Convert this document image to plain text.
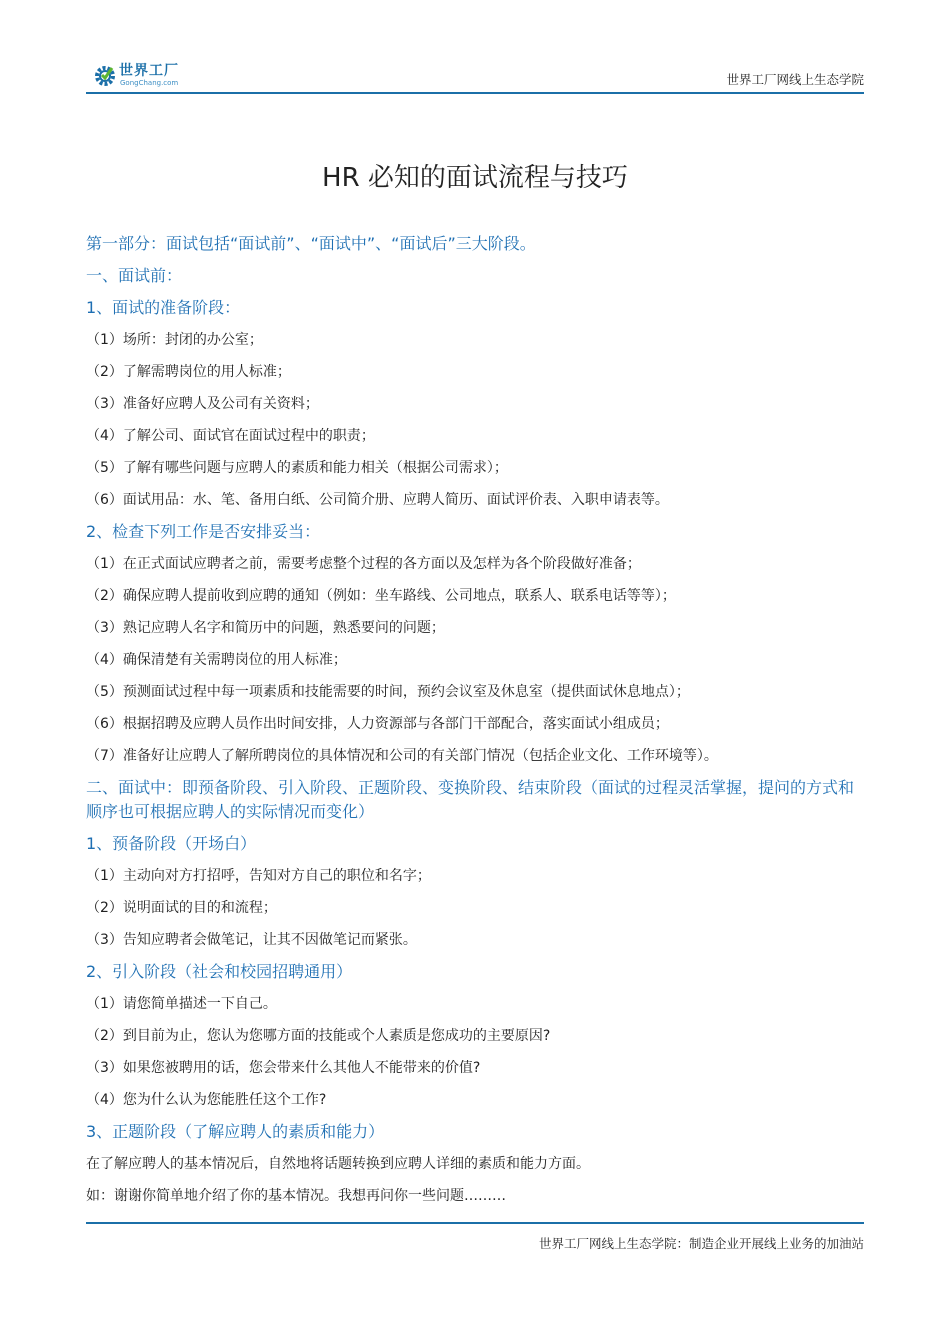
世界工厂
GongChang.com	世界工厂网线上生态学院
HR 必知的面试流程与技巧

第一部分：面试包括“面试前”、“面试中”、“面试后”三大阶段。

一、面试前：

1、面试的准备阶段：

（1）场所：封闭的办公室；

（2）了解需聘岗位的用人标准；

（3）准备好应聘人及公司有关资料；

（4）了解公司、面试官在面试过程中的职责；

（5）了解有哪些问题与应聘人的素质和能力相关（根据公司需求）；

（6）面试用品：水、笔、备用白纸、公司简介册、应聘人简历、面试评价表、入职申请表等。

2、检查下列工作是否安排妥当：

（1）在正式面试应聘者之前，需要考虑整个过程的各方面以及怎样为各个阶段做好准备；

（2）确保应聘人提前收到应聘的通知（例如：坐车路线、公司地点，联系人、联系电话等等）；

（3）熟记应聘人名字和简历中的问题，熟悉要问的问题；

（4）确保清楚有关需聘岗位的用人标准；

（5）预测面试过程中每一项素质和技能需要的时间，预约会议室及休息室（提供面试休息地点）；

（6）根据招聘及应聘人员作出时间安排，人力资源部与各部门干部配合，落实面试小组成员；

（7）准备好让应聘人了解所聘岗位的具体情况和公司的有关部门情况（包括企业文化、工作环境等）。

二、面试中：即预备阶段、引入阶段、正题阶段、变换阶段、结束阶段（面试的过程灵活掌握，提问的方式和顺序也可根据应聘人的实际情况而变化）

1、预备阶段（开场白）

（1）主动向对方打招呼，告知对方自己的职位和名字；

（2）说明面试的目的和流程；

（3）告知应聘者会做笔记，让其不因做笔记而紧张。

2、引入阶段（社会和校园招聘通用）

（1）请您简单描述一下自己。

（2）到目前为止，您认为您哪方面的技能或个人素质是您成功的主要原因?

（3）如果您被聘用的话，您会带来什么其他人不能带来的价值?

（4）您为什么认为您能胜任这个工作?

3、正题阶段（了解应聘人的素质和能力）

在了解应聘人的基本情况后，自然地将话题转换到应聘人详细的素质和能力方面。

如：谢谢你简单地介绍了你的基本情况。我想再问你一些问题………

世界工厂网线上生态学院：制造企业开展线上业务的加油站
